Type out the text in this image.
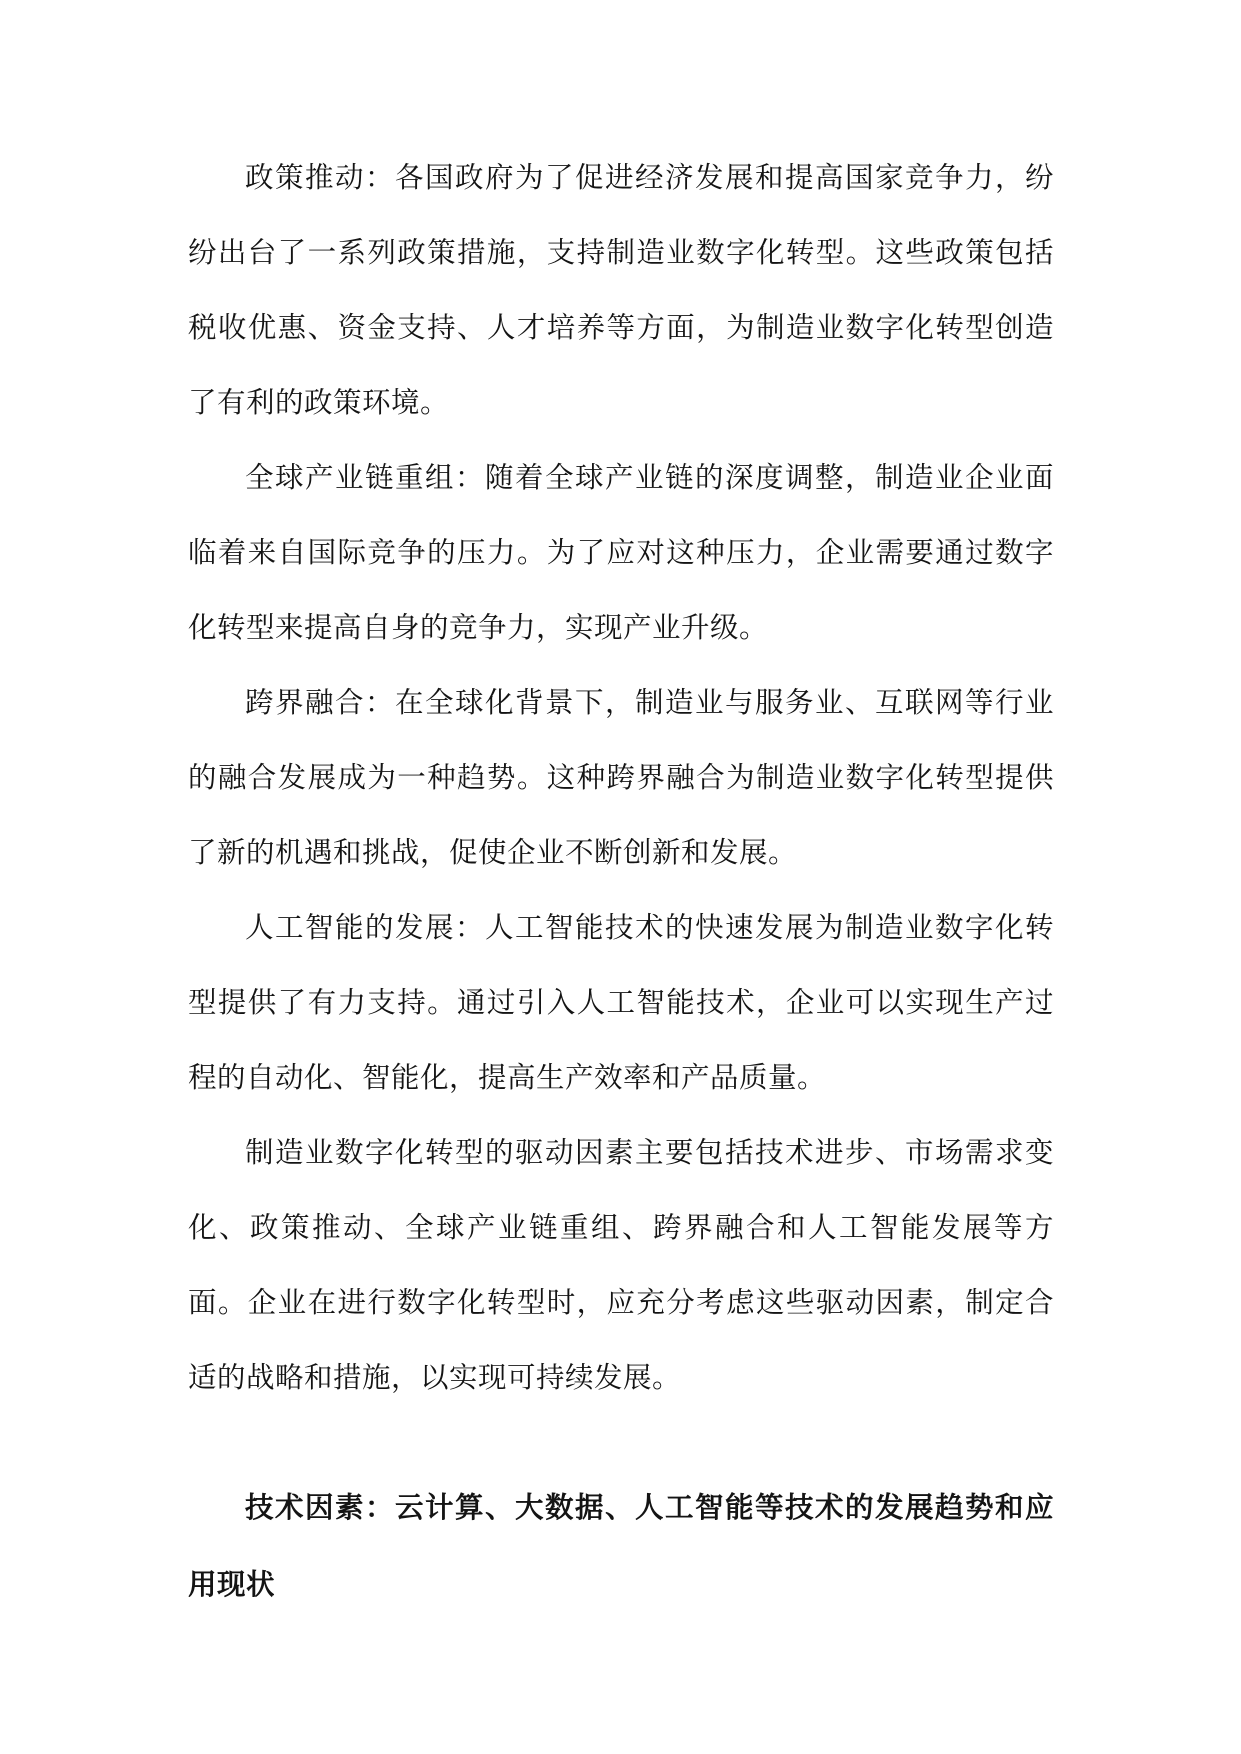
政策推动：各国政府为了促进经济发展和提高国家竞争力，纷纷出台了一系列政策措施，支持制造业数字化转型。这些政策包括税收优惠、资金支持、人才培养等方面，为制造业数字化转型创造了有利的政策环境。

全球产业链重组：随着全球产业链的深度调整，制造业企业面临着来自国际竞争的压力。为了应对这种压力，企业需要通过数字化转型来提高自身的竞争力，实现产业升级。

跨界融合：在全球化背景下，制造业与服务业、互联网等行业的融合发展成为一种趋势。这种跨界融合为制造业数字化转型提供了新的机遇和挑战，促使企业不断创新和发展。

人工智能的发展：人工智能技术的快速发展为制造业数字化转型提供了有力支持。通过引入人工智能技术，企业可以实现生产过程的自动化、智能化，提高生产效率和产品质量。

制造业数字化转型的驱动因素主要包括技术进步、市场需求变化、政策推动、全球产业链重组、跨界融合和人工智能发展等方面。企业在进行数字化转型时，应充分考虑这些驱动因素，制定合适的战略和措施，以实现可持续发展。

技术因素：云计算、大数据、人工智能等技术的发展趋势和应用现状
